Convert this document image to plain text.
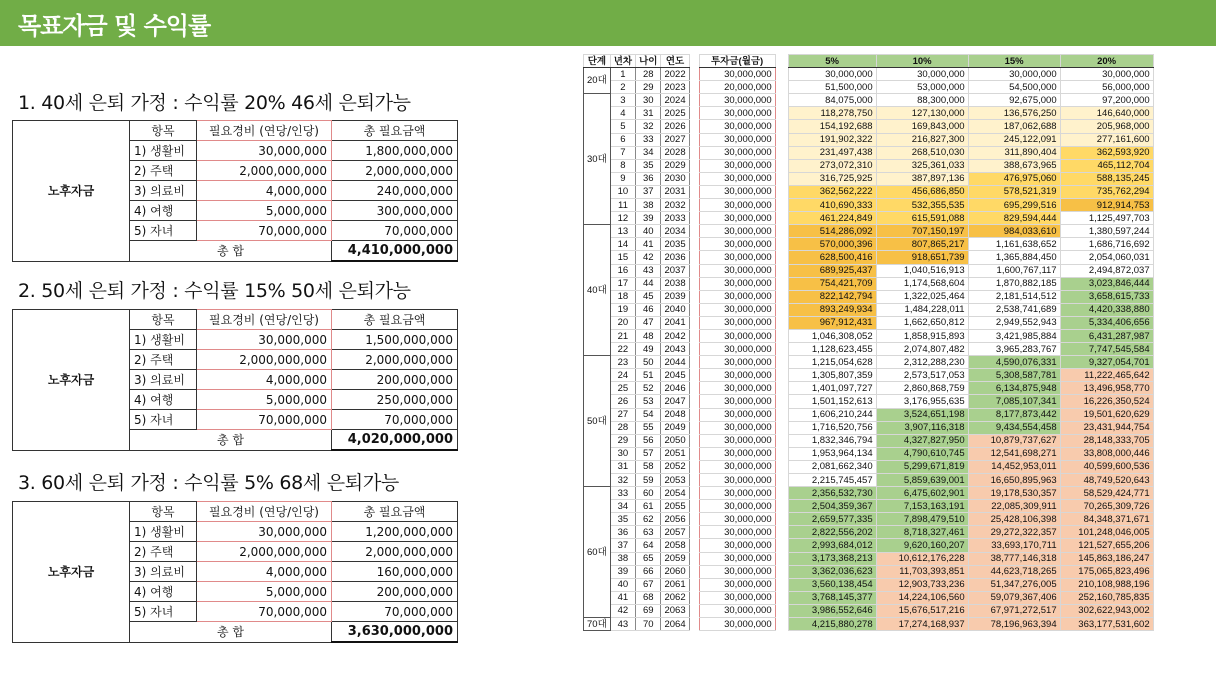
목표자금 및 수익률
1. 40세 은퇴 가정 : 수익률 20% 46세 은퇴가능
노후자금	항목	필요경비 (연당/인당)	총 필요금액
	1) 생활비	30,000,000	1,800,000,000
	2) 주택	2,000,000,000	2,000,000,000
	3) 의료비	4,000,000	240,000,000
	4) 여행	5,000,000	300,000,000
	5) 자녀	70,000,000	70,000,000
	총 합		4,410,000,000
2. 50세 은퇴 가정 : 수익률 15% 50세 은퇴가능
노후자금	항목	필요경비 (연당/인당)	총 필요금액
	1) 생활비	30,000,000	1,500,000,000
	2) 주택	2,000,000,000	2,000,000,000
	3) 의료비	4,000,000	200,000,000
	4) 여행	5,000,000	250,000,000
	5) 자녀	70,000,000	70,000,000
	총 합		4,020,000,000
3. 60세 은퇴 가정 : 수익률 5% 68세 은퇴가능
노후자금	항목	필요경비 (연당/인당)	총 필요금액
	1) 생활비	30,000,000	1,200,000,000
	2) 주택	2,000,000,000	2,000,000,000
	3) 의료비	4,000,000	160,000,000
	4) 여행	5,000,000	200,000,000
	5) 자녀	70,000,000	70,000,000
	총 합		3,630,000,000
단계	년차	나이	연도		투자금(월금)		5%	10%	15%	20%
20대	1	28	2022		30,000,000		30,000,000	30,000,000	30,000,000	30,000,000
	2	29	2023		20,000,000		51,500,000	53,000,000	54,500,000	56,000,000
30대	3	30	2024		30,000,000		84,075,000	88,300,000	92,675,000	97,200,000
	4	31	2025		30,000,000		118,278,750	127,130,000	136,576,250	146,640,000
	5	32	2026		30,000,000		154,192,688	169,843,000	187,062,688	205,968,000
	6	33	2027		30,000,000		191,902,322	216,827,300	245,122,091	277,161,600
	7	34	2028		30,000,000		231,497,438	268,510,030	311,890,404	362,593,920
	8	35	2029		30,000,000		273,072,310	325,361,033	388,673,965	465,112,704
	9	36	2030		30,000,000		316,725,925	387,897,136	476,975,060	588,135,245
	10	37	2031		30,000,000		362,562,222	456,686,850	578,521,319	735,762,294
	11	38	2032		30,000,000		410,690,333	532,355,535	695,299,516	912,914,753
	12	39	2033		30,000,000		461,224,849	615,591,088	829,594,444	1,125,497,703
40대	13	40	2034		30,000,000		514,286,092	707,150,197	984,033,610	1,380,597,244
	14	41	2035		30,000,000		570,000,396	807,865,217	1,161,638,652	1,686,716,692
	15	42	2036		30,000,000		628,500,416	918,651,739	1,365,884,450	2,054,060,031
	16	43	2037		30,000,000		689,925,437	1,040,516,913	1,600,767,117	2,494,872,037
	17	44	2038		30,000,000		754,421,709	1,174,568,604	1,870,882,185	3,023,846,444
	18	45	2039		30,000,000		822,142,794	1,322,025,464	2,181,514,512	3,658,615,733
	19	46	2040		30,000,000		893,249,934	1,484,228,011	2,538,741,689	4,420,338,880
	20	47	2041		30,000,000		967,912,431	1,662,650,812	2,949,552,943	5,334,406,656
	21	48	2042		30,000,000		1,046,308,052	1,858,915,893	3,421,985,884	6,431,287,987
	22	49	2043		30,000,000		1,128,623,455	2,074,807,482	3,965,283,767	7,747,545,584
50대	23	50	2044		30,000,000		1,215,054,628	2,312,288,230	4,590,076,331	9,327,054,701
	24	51	2045		30,000,000		1,305,807,359	2,573,517,053	5,308,587,781	11,222,465,642
	25	52	2046		30,000,000		1,401,097,727	2,860,868,759	6,134,875,948	13,496,958,770
	26	53	2047		30,000,000		1,501,152,613	3,176,955,635	7,085,107,341	16,226,350,524
	27	54	2048		30,000,000		1,606,210,244	3,524,651,198	8,177,873,442	19,501,620,629
	28	55	2049		30,000,000		1,716,520,756	3,907,116,318	9,434,554,458	23,431,944,754
	29	56	2050		30,000,000		1,832,346,794	4,327,827,950	10,879,737,627	28,148,333,705
	30	57	2051		30,000,000		1,953,964,134	4,790,610,745	12,541,698,271	33,808,000,446
	31	58	2052		30,000,000		2,081,662,340	5,299,671,819	14,452,953,011	40,599,600,536
	32	59	2053		30,000,000		2,215,745,457	5,859,639,001	16,650,895,963	48,749,520,643
60대	33	60	2054		30,000,000		2,356,532,730	6,475,602,901	19,178,530,357	58,529,424,771
	34	61	2055		30,000,000		2,504,359,367	7,153,163,191	22,085,309,911	70,265,309,726
	35	62	2056		30,000,000		2,659,577,335	7,898,479,510	25,428,106,398	84,348,371,671
	36	63	2057		30,000,000		2,822,556,202	8,718,327,461	29,272,322,357	101,248,046,005
	37	64	2058		30,000,000		2,993,684,012	9,620,160,207	33,693,170,711	121,527,655,206
	38	65	2059		30,000,000		3,173,368,213	10,612,176,228	38,777,146,318	145,863,186,247
	39	66	2060		30,000,000		3,362,036,623	11,703,393,851	44,623,718,265	175,065,823,496
	40	67	2061		30,000,000		3,560,138,454	12,903,733,236	51,347,276,005	210,108,988,196
	41	68	2062		30,000,000		3,768,145,377	14,224,106,560	59,079,367,406	252,160,785,835
	42	69	2063		30,000,000		3,986,552,646	15,676,517,216	67,971,272,517	302,622,943,002
70대	43	70	2064		30,000,000		4,215,880,278	17,274,168,937	78,196,963,394	363,177,531,602
